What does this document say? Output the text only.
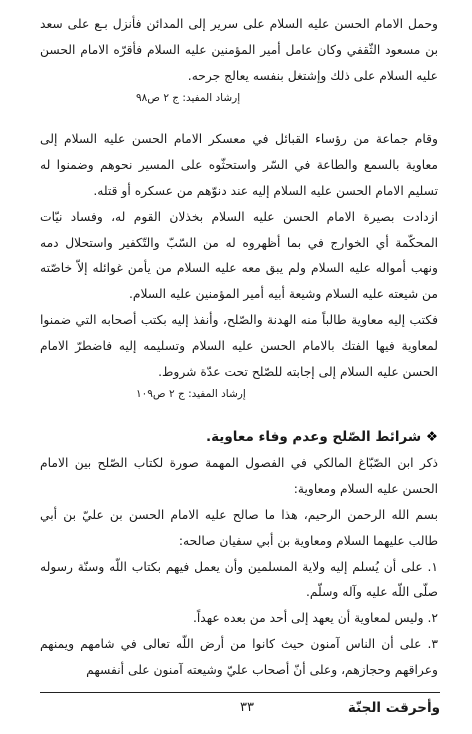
وحمل الامام الحسن عليه السلام على سرير إلى المدائن فأنزل بـع على سعد بن مسعود الثّقفي وكان عامل أمير المؤمنين عليه السلام فأقرّه الامام الحسن عليه السلام على ذلك وإشتغل بنفسه يعالج جرحه.

إرشاد المفيد: ج ٢ ص٩٨

وقام جماعة من رؤساء القبائل في معسكر الامام الحسن عليه السلام إلى معاوية بالسمع والطاعة في السّر واستحثّوه على المسير نحوهم وضمنوا له تسليم الامام الحسن عليه السلام إليه عند دنوّهم من عسكره أو قتله.

ازدادت بصيرة الامام الحسن عليه السلام بخذلان القوم له، وفساد نيّات المحكّمة أي الخوارج في بما أظهروه له من السّبّ والتّكفير واستحلال دمه ونهب أمواله عليه السلام ولم يبق معه عليه السلام من يأمن غوائله إلاّ خاصّته من شيعته عليه السلام وشيعة أبيه أمير المؤمنين عليه السلام.

فكتب إليه معاوية طالباً منه الهدنة والصّلح، وأنفذ إليه بكتب أصحابه التي ضمنوا لمعاوية فيها الفتك بالامام الحسن عليه السلام وتسليمه إليه فاضطرّ الامام الحسن عليه السلام إلى إجابته للصّلح تحت عدّة شروط.

إرشاد المفيد: ج ٢ ص١٠٩

❖ شرائط الصّلح وعدم وفاء معاوية.

ذكر ابن الصّبّاغ المالكي في الفصول المهمة صورة لكتاب الصّلح بين الامام الحسن عليه السلام ومعاوية:

بسم الله الرحمن الرحيم، هذا ما صالح عليه الامام الحسن بن عليّ بن أبي طالب عليهما السلام ومعاوية بن أبي سفيان صالحه:

١. على أن يُسلم إليه ولاية المسلمين وأن يعمل فيهم بكتاب اللّه وسنّة رسوله صلّى اللّه عليه وآله وسلّم.

٢. وليس لمعاوية أن يعهد إلى أحد من بعده عهداً.

٣. على أن الناس آمنون حيث كانوا من أرض اللّه تعالى في شامهم ويمنهم وعراقهم وحجازهم، وعلى أنّ أصحاب عليّ وشيعته آمنون على أنفسهم

وأحرقت الجنّة
٣٣
